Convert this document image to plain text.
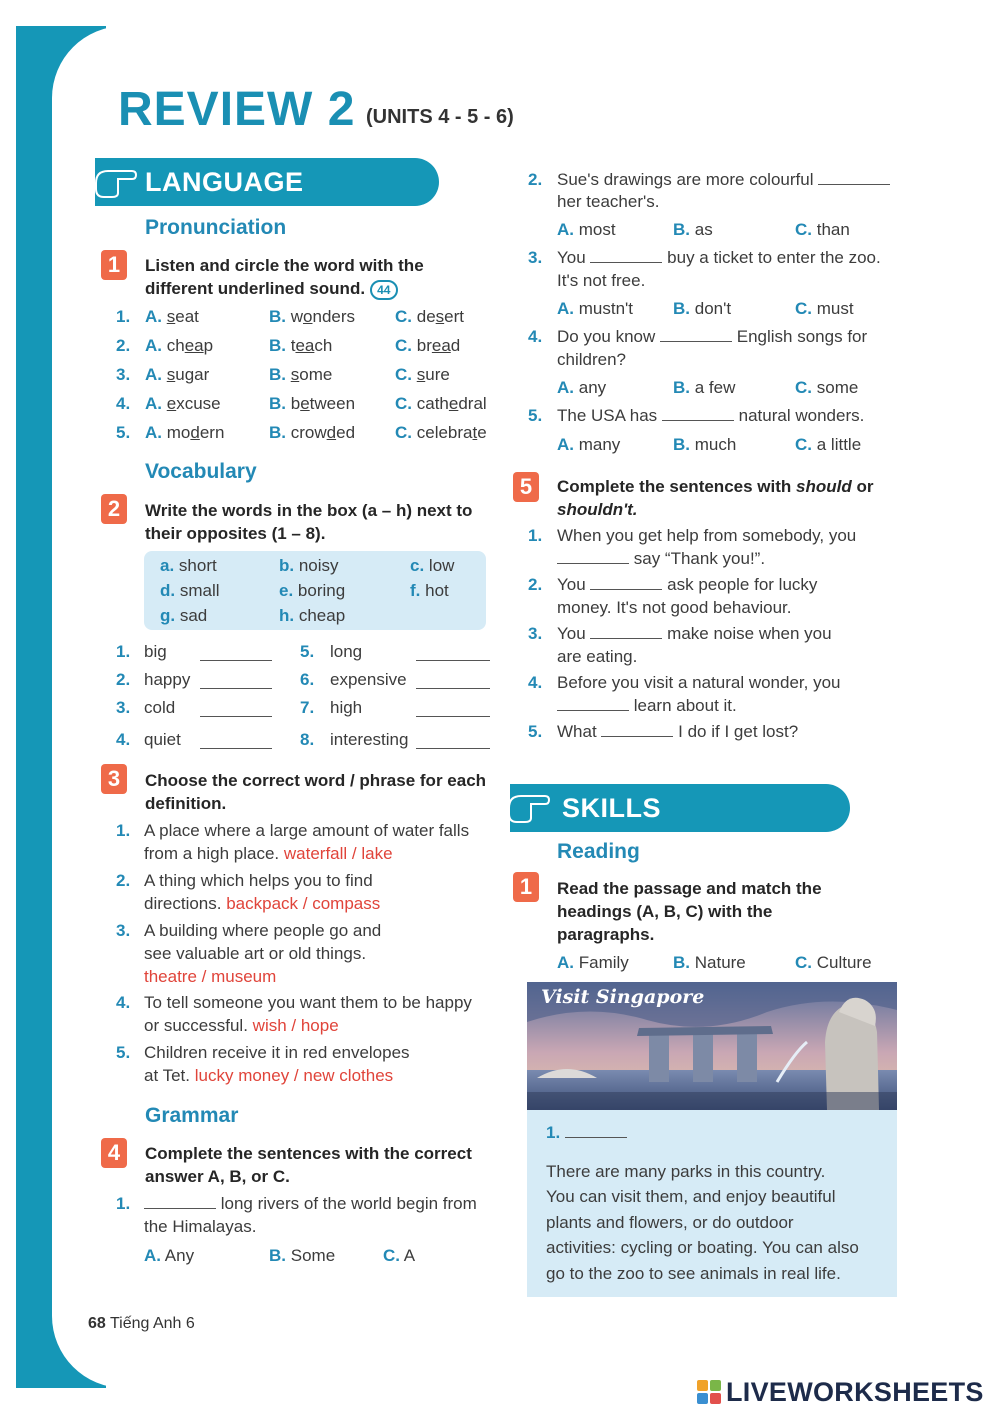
REVIEW 2 (UNITS 4 - 5 - 6)
LANGUAGE
Pronunciation
1	Listen and circle the word with the different underlined sound. 44
1. A. seat	B. wonders C. desert
2. A. cheap	B. teach	C. bread
3. A. sugar	B. some	C. sure
4. A. excuse	B. between C. cathedral
5. A. modern	B. crowded C. celebrate
Vocabulary
2	Write the words in the box (a – h) next to their opposites (1 – 8).
a. short	b. noisy	c. low
d. small	e. boring	f. hot
g. sad	h. cheap
1. big
2. happy
3. cold
4. quiet
5. long
6. expensive
7. high
8. interesting
3	Choose the correct word / phrase for each definition.
1. A place where a large amount of water falls
from a high place. waterfall / lake
2. A thing which helps you to find
directions. backpack / compass
3. A building where people go and
see valuable art or old things.
theatre / museum
4. To tell someone you want them to be happy
or successful. wish / hope
5. Children receive it in red envelopes
at Tet. lucky money / new clothes
Grammar
4	Complete the sentences with the correct answer A, B, or C.
1.	long rivers of the world begin from
the Himalayas.
A. Any	B. Some	C. A
2. Sue's drawings are more colourful
her teacher's.
A. most	B. as	C. than
3. You	buy a ticket to enter the zoo.
It's not free.
A. mustn't B. don't	C. must
4. Do you know	English songs for
children?
A. any	B. a few	C. some
5. The USA has	natural wonders.
A. many	B. much	C. a little
5	Complete the sentences with should or shouldn't.
1. When you get help from somebody, you
say “Thank you!”.
2. You	ask people for lucky
money. It's not good behaviour.
3. You	make noise when you
are eating.
4. Before you visit a natural wonder, you
learn about it.
5. What	I do if I get lost?
SKILLS
Reading
1	Read the passage and match the headings (A, B, C) with the paragraphs.
A. Family	B. Nature	C. Culture
Visit Singapore
1.
There are many parks in this country.
You can visit them, and enjoy beautiful
plants and flowers, or do outdoor
activities: cycling or boating. You can also
go to the zoo to see animals in real life.
68 Tiếng Anh 6
LIVEWORKSHEETS
